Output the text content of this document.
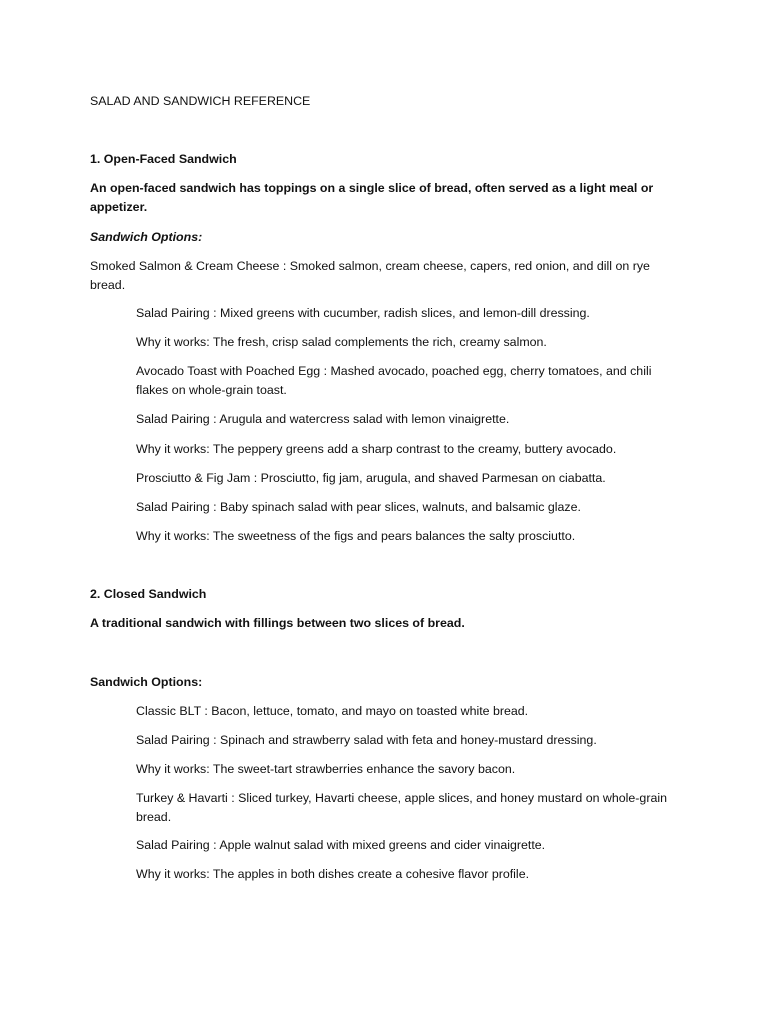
SALAD AND SANDWICH REFERENCE

1. Open-Faced Sandwich

An open-faced sandwich has toppings on a single slice of bread, often served as a light meal or appetizer.

Sandwich Options:

Smoked Salmon & Cream Cheese : Smoked salmon, cream cheese, capers, red onion, and dill on rye bread.

Salad Pairing : Mixed greens with cucumber, radish slices, and lemon-dill dressing.

Why it works: The fresh, crisp salad complements the rich, creamy salmon.

Avocado Toast with Poached Egg : Mashed avocado, poached egg, cherry tomatoes, and chili flakes on whole-grain toast.

Salad Pairing : Arugula and watercress salad with lemon vinaigrette.

Why it works: The peppery greens add a sharp contrast to the creamy, buttery avocado.

Prosciutto & Fig Jam : Prosciutto, fig jam, arugula, and shaved Parmesan on ciabatta.

Salad Pairing : Baby spinach salad with pear slices, walnuts, and balsamic glaze.

Why it works: The sweetness of the figs and pears balances the salty prosciutto.

2. Closed Sandwich

A traditional sandwich with fillings between two slices of bread.

Sandwich Options:

Classic BLT : Bacon, lettuce, tomato, and mayo on toasted white bread.

Salad Pairing : Spinach and strawberry salad with feta and honey-mustard dressing.

Why it works: The sweet-tart strawberries enhance the savory bacon.

Turkey & Havarti : Sliced turkey, Havarti cheese, apple slices, and honey mustard on whole-grain bread.

Salad Pairing : Apple walnut salad with mixed greens and cider vinaigrette.

Why it works: The apples in both dishes create a cohesive flavor profile.
